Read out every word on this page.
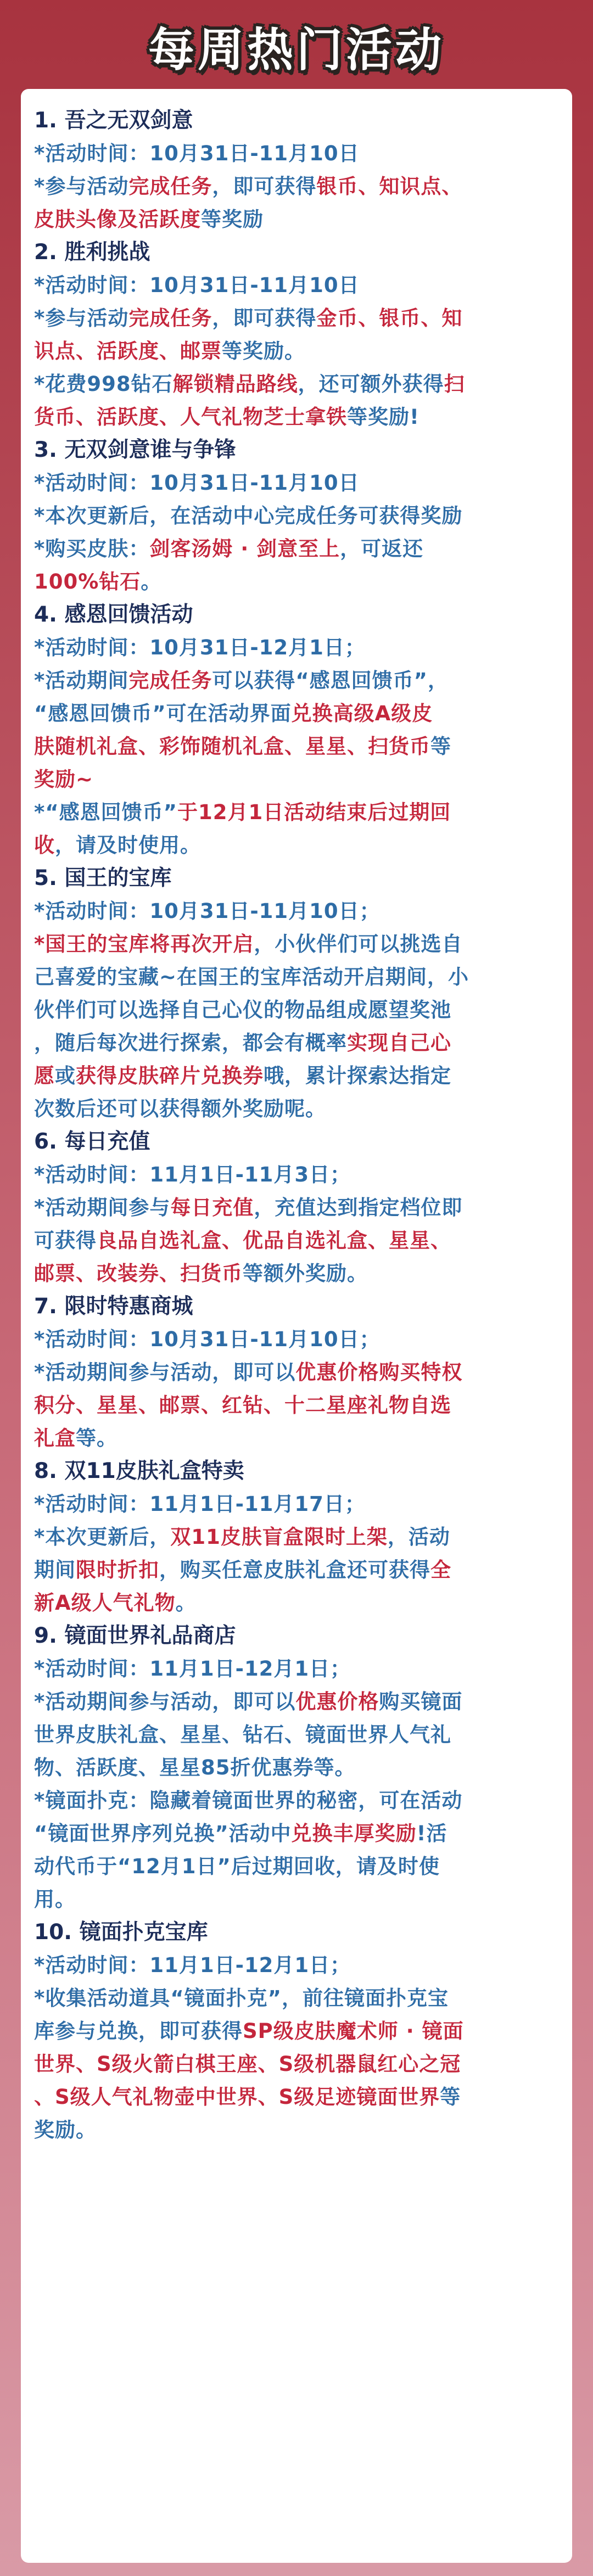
每周热门活动
1. 吾之无双剑意
*活动时间：10月31日-11月10日
*参与活动完成任务，即可获得银币、知识点、
皮肤头像及活跃度等奖励
2. 胜利挑战
*活动时间：10月31日-11月10日
*参与活动完成任务，即可获得金币、银币、知
识点、活跃度、邮票等奖励。
*花费998钻石解锁精品路线，还可额外获得扫
货币、活跃度、人气礼物芝士拿铁等奖励!
3. 无双剑意谁与争锋
*活动时间：10月31日-11月10日
*本次更新后，在活动中心完成任务可获得奖励
*购买皮肤：剑客汤姆 · 剑意至上，可返还
100%钻石。
4. 感恩回馈活动
*活动时间：10月31日-12月1日；
*活动期间完成任务可以获得“感恩回馈币”，
“感恩回馈币”可在活动界面兑换高级A级皮
肤随机礼盒、彩饰随机礼盒、星星、扫货币等
奖励~
*“感恩回馈币”于12月1日活动结束后过期回
收，请及时使用。
5. 国王的宝库
*活动时间：10月31日-11月10日；
*国王的宝库将再次开启，小伙伴们可以挑选自
己喜爱的宝藏~在国王的宝库活动开启期间，小
伙伴们可以选择自己心仪的物品组成愿望奖池
，随后每次进行探索，都会有概率实现自己心
愿或获得皮肤碎片兑换券哦，累计探索达指定
次数后还可以获得额外奖励呢。
6. 每日充值
*活动时间：11月1日-11月3日；
*活动期间参与每日充值，充值达到指定档位即
可获得良品自选礼盒、优品自选礼盒、星星、
邮票、改装券、扫货币等额外奖励。
7. 限时特惠商城
*活动时间：10月31日-11月10日；
*活动期间参与活动，即可以优惠价格购买特权
积分、星星、邮票、红钻、十二星座礼物自选
礼盒等。
8. 双11皮肤礼盒特卖
*活动时间：11月1日-11月17日；
*本次更新后，双11皮肤盲盒限时上架，活动
期间限时折扣，购买任意皮肤礼盒还可获得全
新A级人气礼物。
9. 镜面世界礼品商店
*活动时间：11月1日-12月1日；
*活动期间参与活动，即可以优惠价格购买镜面
世界皮肤礼盒、星星、钻石、镜面世界人气礼
物、活跃度、星星85折优惠券等。
*镜面扑克：隐藏着镜面世界的秘密，可在活动
“镜面世界序列兑换”活动中兑换丰厚奖励!活
动代币于“12月1日”后过期回收，请及时使
用。
10. 镜面扑克宝库
*活动时间：11月1日-12月1日；
*收集活动道具“镜面扑克”，前往镜面扑克宝
库参与兑换，即可获得SP级皮肤魔术师 · 镜面
世界、S级火箭白棋王座、S级机器鼠红心之冠
、S级人气礼物壶中世界、S级足迹镜面世界等
奖励。
